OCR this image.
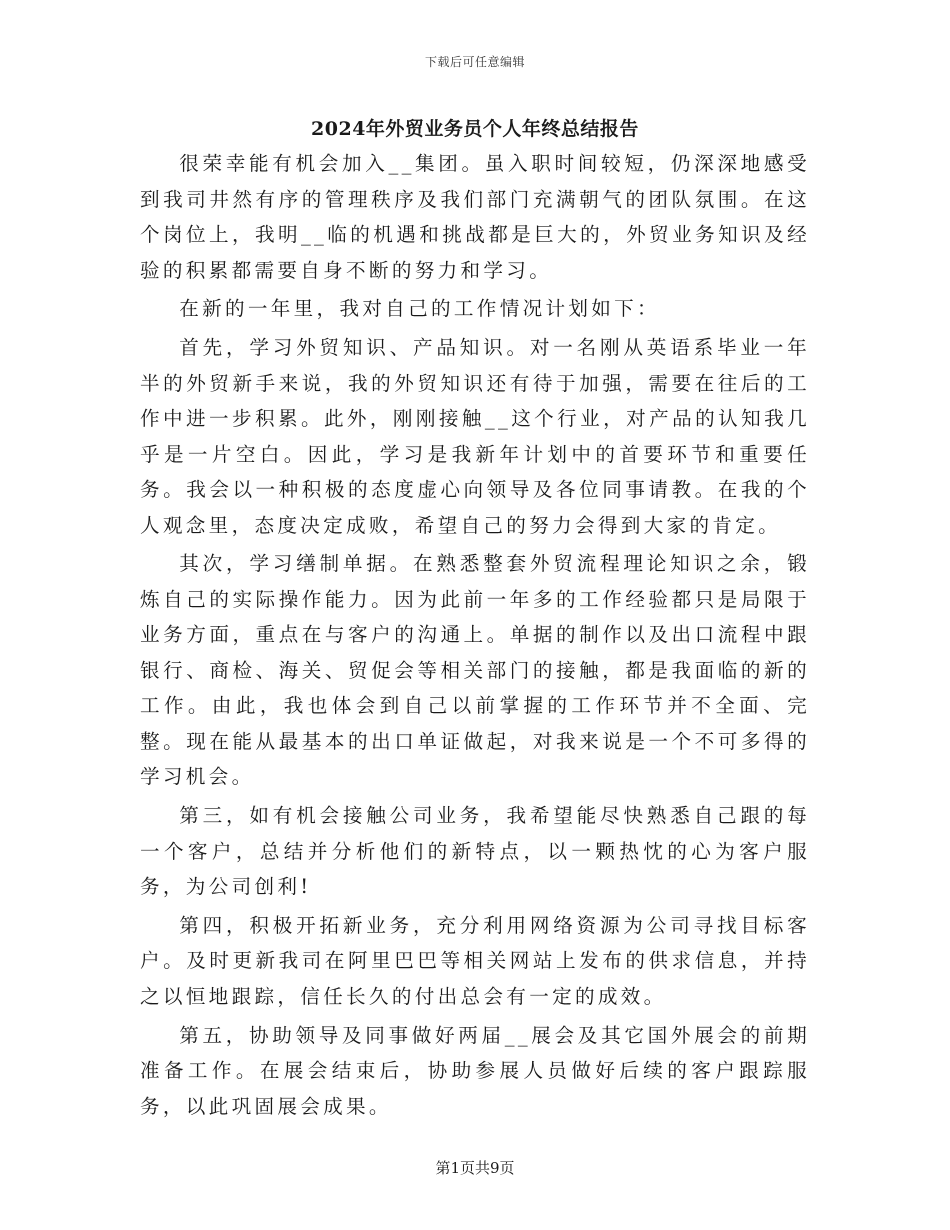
下载后可任意编辑
2024年外贸业务员个人年终总结报告

很荣幸能有机会加入__集团。虽入职时间较短，仍深深地感受到我司井然有序的管理秩序及我们部门充满朝气的团队氛围。在这个岗位上，我明__临的机遇和挑战都是巨大的，外贸业务知识及经验的积累都需要自身不断的努力和学习。

在新的一年里，我对自己的工作情况计划如下：

首先，学习外贸知识、产品知识。对一名刚从英语系毕业一年半的外贸新手来说，我的外贸知识还有待于加强，需要在往后的工作中进一步积累。此外，刚刚接触__这个行业，对产品的认知我几乎是一片空白。因此，学习是我新年计划中的首要环节和重要任务。我会以一种积极的态度虚心向领导及各位同事请教。在我的个人观念里，态度决定成败，希望自己的努力会得到大家的肯定。

其次，学习缮制单据。在熟悉整套外贸流程理论知识之余，锻炼自己的实际操作能力。因为此前一年多的工作经验都只是局限于业务方面，重点在与客户的沟通上。单据的制作以及出口流程中跟银行、商检、海关、贸促会等相关部门的接触，都是我面临的新的工作。由此，我也体会到自己以前掌握的工作环节并不全面、完整。现在能从最基本的出口单证做起，对我来说是一个不可多得的学习机会。

第三，如有机会接触公司业务，我希望能尽快熟悉自己跟的每一个客户，总结并分析他们的新特点，以一颗热忱的心为客户服务，为公司创利!

第四，积极开拓新业务，充分利用网络资源为公司寻找目标客户。及时更新我司在阿里巴巴等相关网站上发布的供求信息，并持之以恒地跟踪，信任长久的付出总会有一定的成效。

第五，协助领导及同事做好两届__展会及其它国外展会的前期准备工作。在展会结束后，协助参展人员做好后续的客户跟踪服务，以此巩固展会成果。

第1页共9页
